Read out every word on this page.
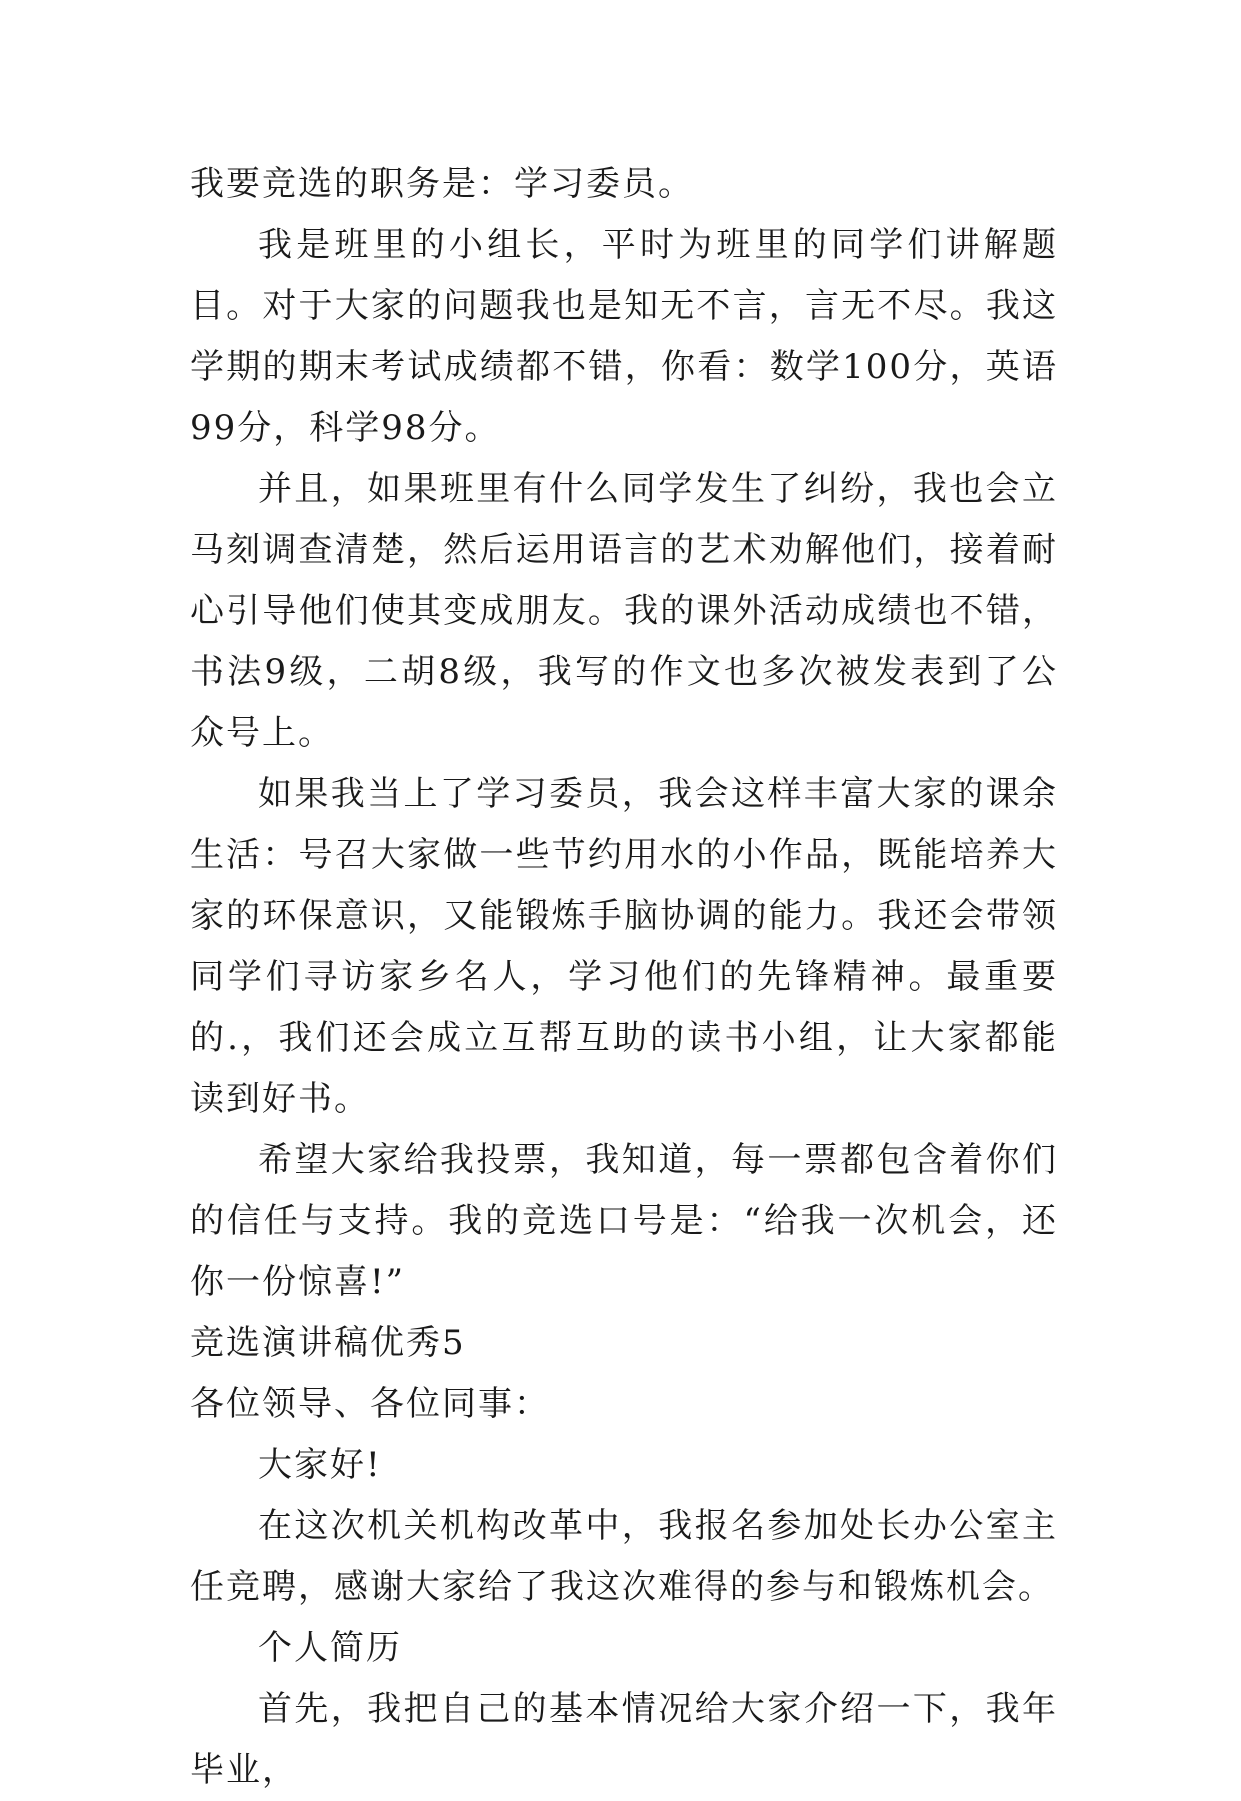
我要竞选的职务是：学习委员。

我是班里的小组长，平时为班里的同学们讲解题目。对于大家的问题我也是知无不言，言无不尽。我这学期的期末考试成绩都不错，你看：数学100分，英语99分，科学98分。

并且，如果班里有什么同学发生了纠纷，我也会立马刻调查清楚，然后运用语言的艺术劝解他们，接着耐心引导他们使其变成朋友。我的课外活动成绩也不错，书法9级，二胡8级，我写的作文也多次被发表到了公众号上。

如果我当上了学习委员，我会这样丰富大家的课余生活：号召大家做一些节约用水的小作品，既能培养大家的环保意识，又能锻炼手脑协调的能力。我还会带领同学们寻访家乡名人，学习他们的先锋精神。最重要的.，我们还会成立互帮互助的读书小组，让大家都能读到好书。

希望大家给我投票，我知道，每一票都包含着你们的信任与支持。我的竞选口号是：“给我一次机会，还你一份惊喜!”

竞选演讲稿优秀5

各位领导、各位同事：

大家好!

在这次机关机构改革中，我报名参加处长办公室主任竞聘，感谢大家给了我这次难得的参与和锻炼机会。

个人简历

首先，我把自己的基本情况给大家介绍一下，我年毕业，
